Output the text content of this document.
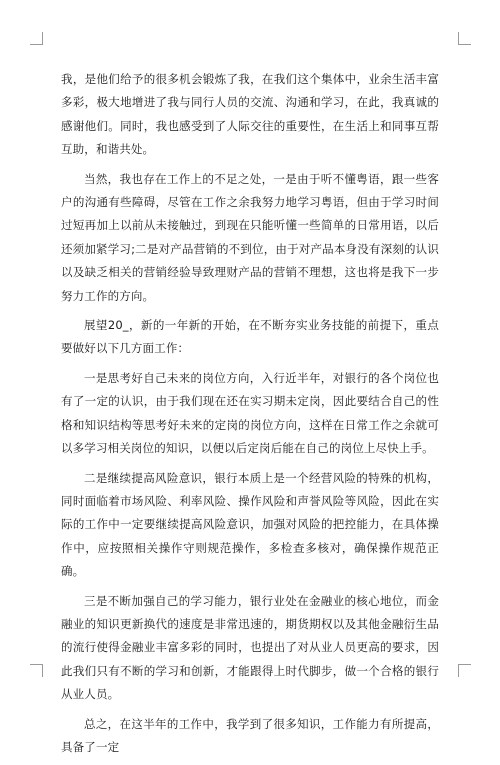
我，是他们给予的很多机会锻炼了我，在我们这个集体中，业余生活丰富多彩，极大地增进了我与同行人员的交流、沟通和学习，在此，我真诚的感谢他们。同时，我也感受到了人际交往的重要性，在生活上和同事互帮互助，和谐共处。

当然，我也存在工作上的不足之处，一是由于听不懂粤语，跟一些客户的沟通有些障碍，尽管在工作之余我努力地学习粤语，但由于学习时间过短再加上以前从未接触过，到现在只能听懂一些简单的日常用语，以后还须加紧学习;二是对产品营销的不到位，由于对产品本身没有深刻的认识以及缺乏相关的营销经验导致理财产品的营销不理想，这也将是我下一步努力工作的方向。

展望20_，新的一年新的开始，在不断夯实业务技能的前提下，重点要做好以下几方面工作：

一是思考好自己未来的岗位方向，入行近半年，对银行的各个岗位也有了一定的认识，由于我们现在还在实习期未定岗，因此要结合自己的性格和知识结构等思考好未来的定岗的岗位方向，这样在日常工作之余就可以多学习相关岗位的知识，以便以后定岗后能在自己的岗位上尽快上手。

二是继续提高风险意识，银行本质上是一个经营风险的特殊的机构，同时面临着市场风险、利率风险、操作风险和声誉风险等风险，因此在实际的工作中一定要继续提高风险意识，加强对风险的把控能力，在具体操作中，应按照相关操作守则规范操作，多检查多核对，确保操作规范正确。

三是不断加强自己的学习能力，银行业处在金融业的核心地位，而金融业的知识更新换代的速度是非常迅速的，期货期权以及其他金融衍生品的流行使得金融业丰富多彩的同时，也提出了对从业人员更高的要求，因此我们只有不断的学习和创新，才能跟得上时代脚步，做一个合格的银行从业人员。

总之，在这半年的工作中，我学到了很多知识，工作能力有所提高，具备了一定
